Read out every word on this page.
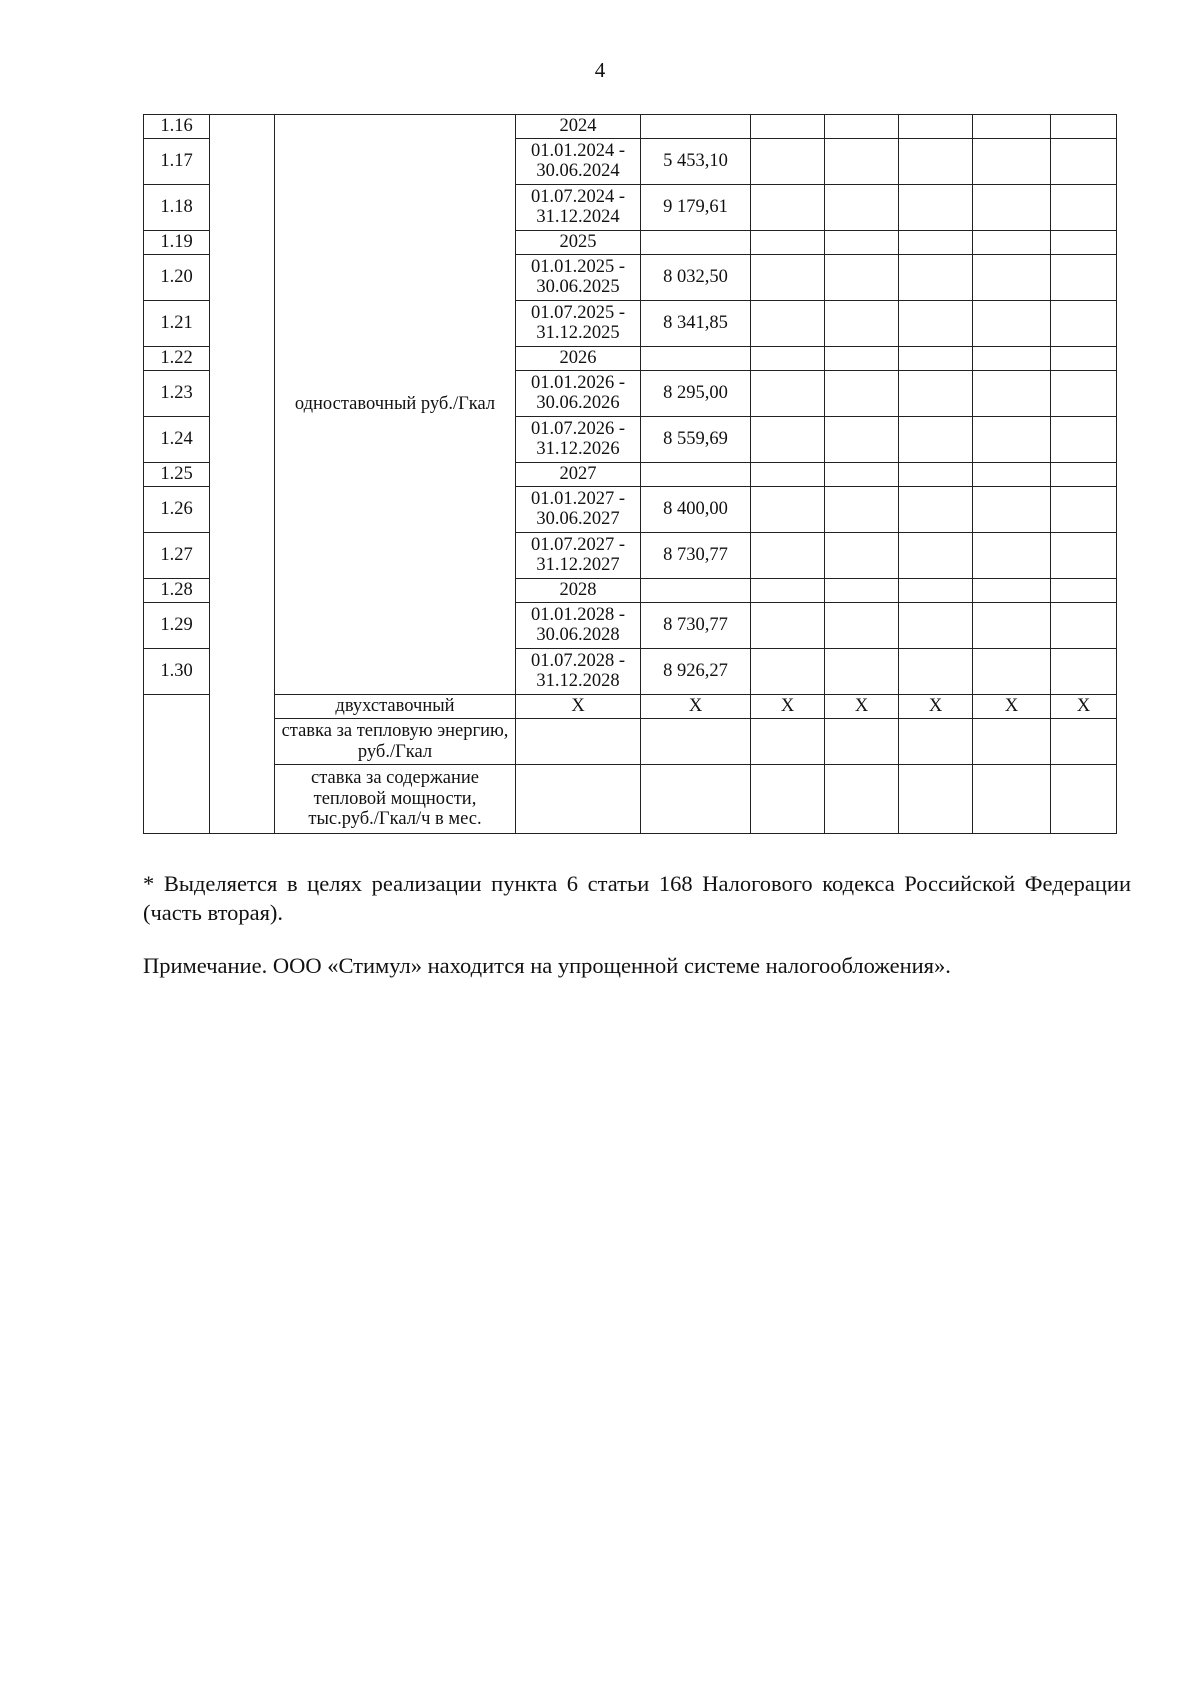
4
1.16		одноставочный руб./Гкал	2024						
1.17			01.01.2024 - 30.06.2024	5 453,10					
1.18			01.07.2024 - 31.12.2024	9 179,61					
1.19			2025						
1.20			01.01.2025 - 30.06.2025	8 032,50					
1.21			01.07.2025 - 31.12.2025	8 341,85					
1.22			2026						
1.23			01.01.2026 - 30.06.2026	8 295,00					
1.24			01.07.2026 - 31.12.2026	8 559,69					
1.25			2027						
1.26			01.01.2027 - 30.06.2027	8 400,00					
1.27			01.07.2027 - 31.12.2027	8 730,77					
1.28			2028						
1.29			01.01.2028 - 30.06.2028	8 730,77					
1.30			01.07.2028 - 31.12.2028	8 926,27					
		двухставочный	X	X	X	X	X	X	X
		ставка за тепловую энергию, руб./Гкал							
		ставка за содержание тепловой мощности, тыс.руб./Гкал/ч в мес.							
* Выделяется в целях реализации пункта 6 статьи 168 Налогового кодекса Российской Федерации (часть вторая).
Примечание. ООО «Стимул» находится на упрощенной системе налогообложения».
